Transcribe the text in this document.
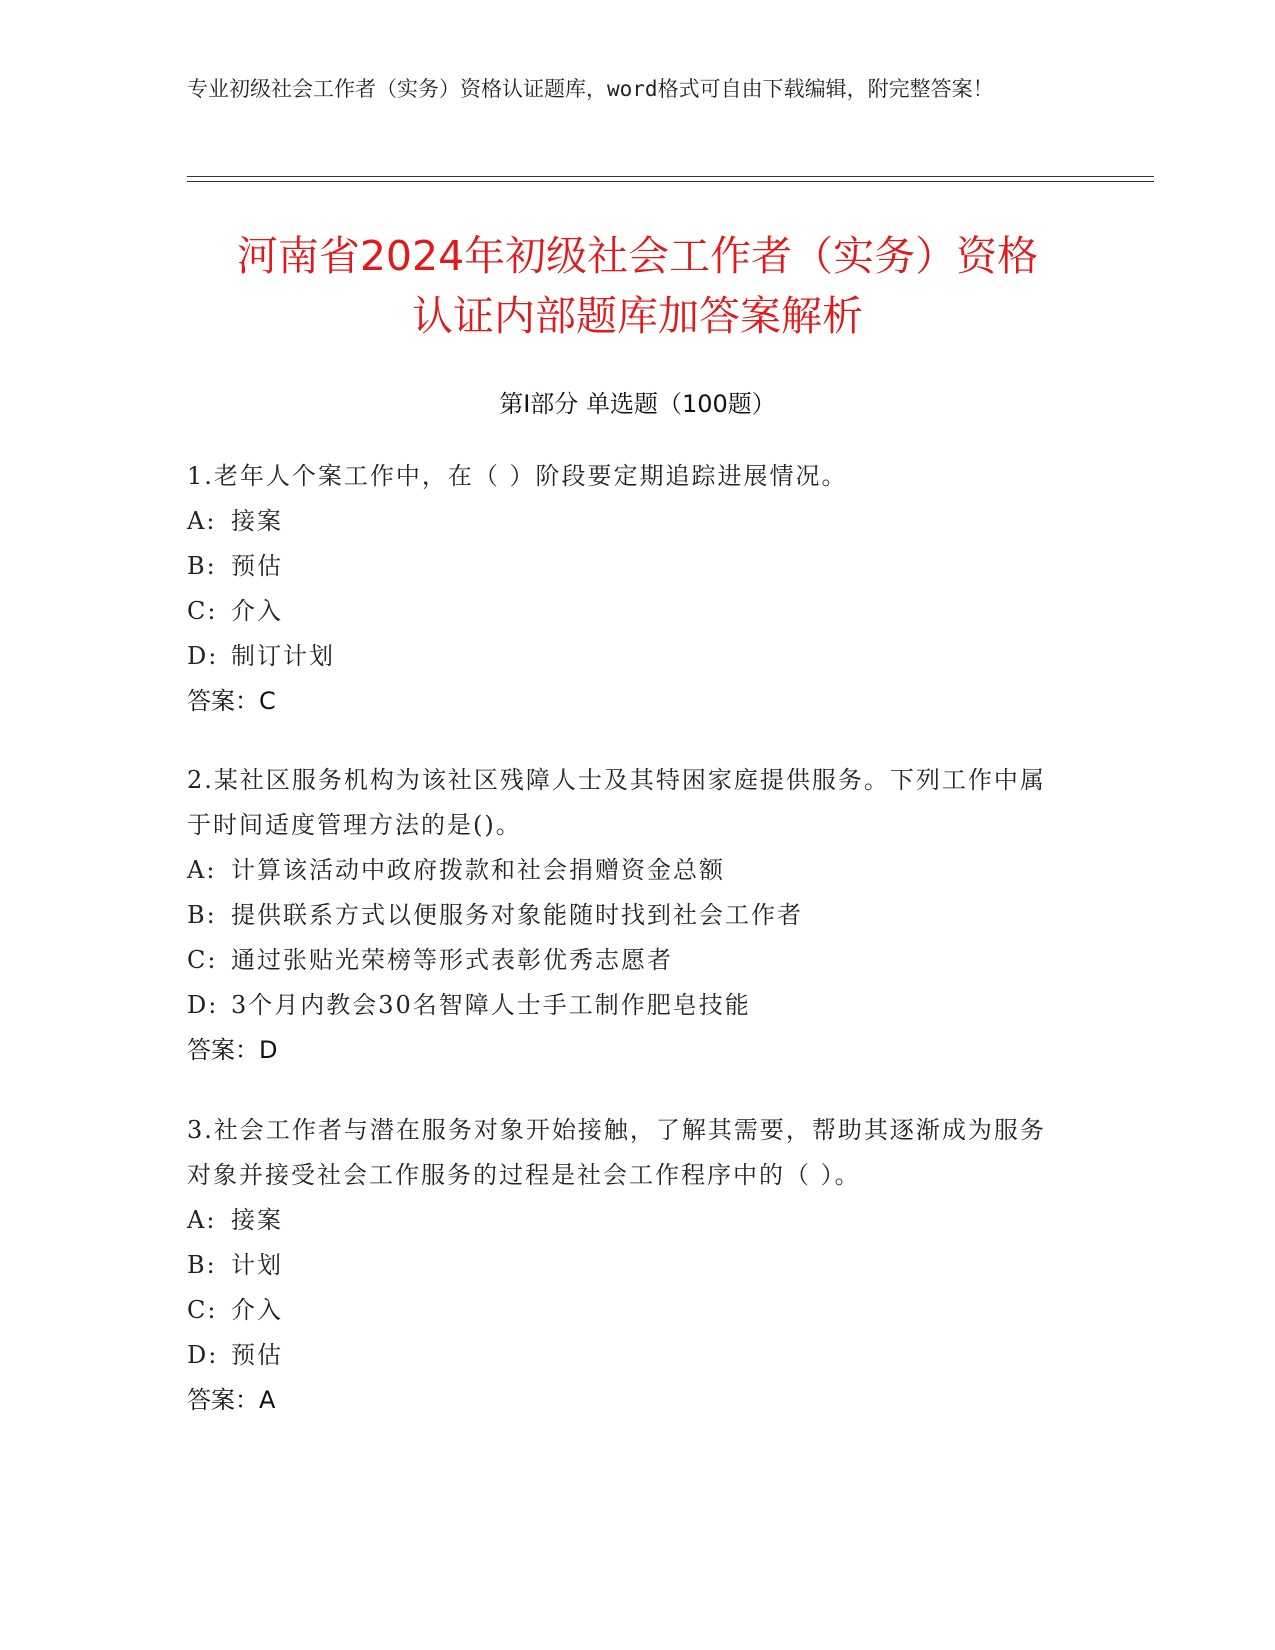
专业初级社会工作者（实务）资格认证题库，word格式可自由下载编辑，附完整答案！
河南省2024年初级社会工作者（实务）资格
认证内部题库加答案解析
第Ⅰ部分 单选题（100题）

1.老年人个案工作中，在（ ）阶段要定期追踪进展情况。

A: 接案

B: 预估

C: 介入

D: 制订计划

答案：C

2.某社区服务机构为该社区残障人士及其特困家庭提供服务。下列工作中属于时间适度管理方法的是()。

A: 计算该活动中政府拨款和社会捐赠资金总额

B: 提供联系方式以便服务对象能随时找到社会工作者

C: 通过张贴光荣榜等形式表彰优秀志愿者

D: 3个月内教会30名智障人士手工制作肥皂技能

答案：D

3.社会工作者与潜在服务对象开始接触，了解其需要，帮助其逐渐成为服务对象并接受社会工作服务的过程是社会工作程序中的（ ）。

A: 接案

B: 计划

C: 介入

D: 预估

答案：A
